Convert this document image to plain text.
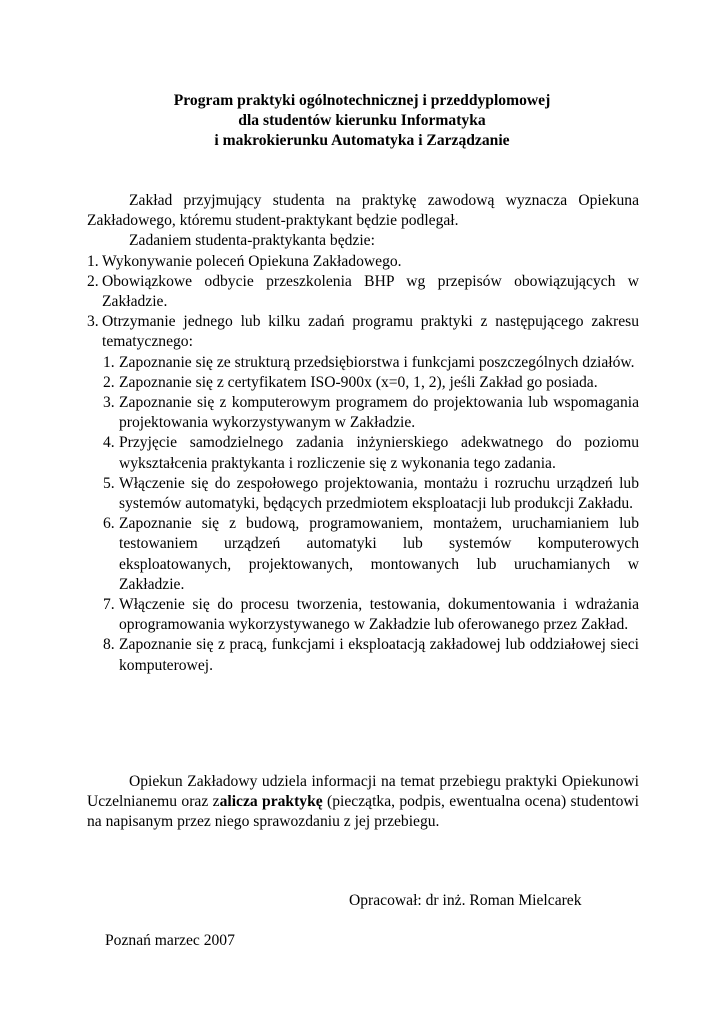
Program praktyki ogólnotechnicznej i przeddyplomowej
dla studentów kierunku Informatyka
i makrokierunku Automatyka i Zarządzanie

Zakład przyjmujący studenta na praktykę zawodową wyznacza Opiekuna Zakładowego, któremu student-praktykant będzie podlegał.

Zadaniem studenta-praktykanta będzie:
1. Wykonywanie poleceń Opiekuna Zakładowego.
2. Obowiązkowe odbycie przeszkolenia BHP wg przepisów obowiązujących w Zakładzie.
3. Otrzymanie jednego lub kilku zadań programu praktyki z następującego zakresu tematycznego:
1. Zapoznanie się ze strukturą przedsiębiorstwa i funkcjami poszczególnych działów.
2. Zapoznanie się z certyfikatem ISO-900x (x=0, 1, 2), jeśli Zakład go posiada.
3. Zapoznanie się z komputerowym programem do projektowania lub wspomagania projektowania wykorzystywanym w Zakładzie.
4. Przyjęcie samodzielnego zadania inżynierskiego adekwatnego do poziomu wykształcenia praktykanta i rozliczenie się z wykonania tego zadania.
5. Włączenie się do zespołowego projektowania, montażu i rozruchu urządzeń lub systemów automatyki, będących przedmiotem eksploatacji lub produkcji Zakładu.
6. Zapoznanie się z budową, programowaniem, montażem, uruchamianiem lub testowaniem urządzeń automatyki lub systemów komputerowych eksploatowanych, projektowanych, montowanych lub uruchamianych w Zakładzie.
7. Włączenie się do procesu tworzenia, testowania, dokumentowania i wdrażania oprogramowania wykorzystywanego w Zakładzie lub oferowanego przez Zakład.
8. Zapoznanie się z pracą, funkcjami i eksploatacją zakładowej lub oddziałowej sieci komputerowej.

Opiekun Zakładowy udziela informacji na temat przebiegu praktyki Opiekunowi Uczelnianemu oraz zalicza praktykę (pieczątka, podpis, ewentualna ocena) studentowi na napisanym przez niego sprawozdaniu z jej przebiegu.

Opracował: dr inż. Roman Mielcarek
Poznań marzec 2007
